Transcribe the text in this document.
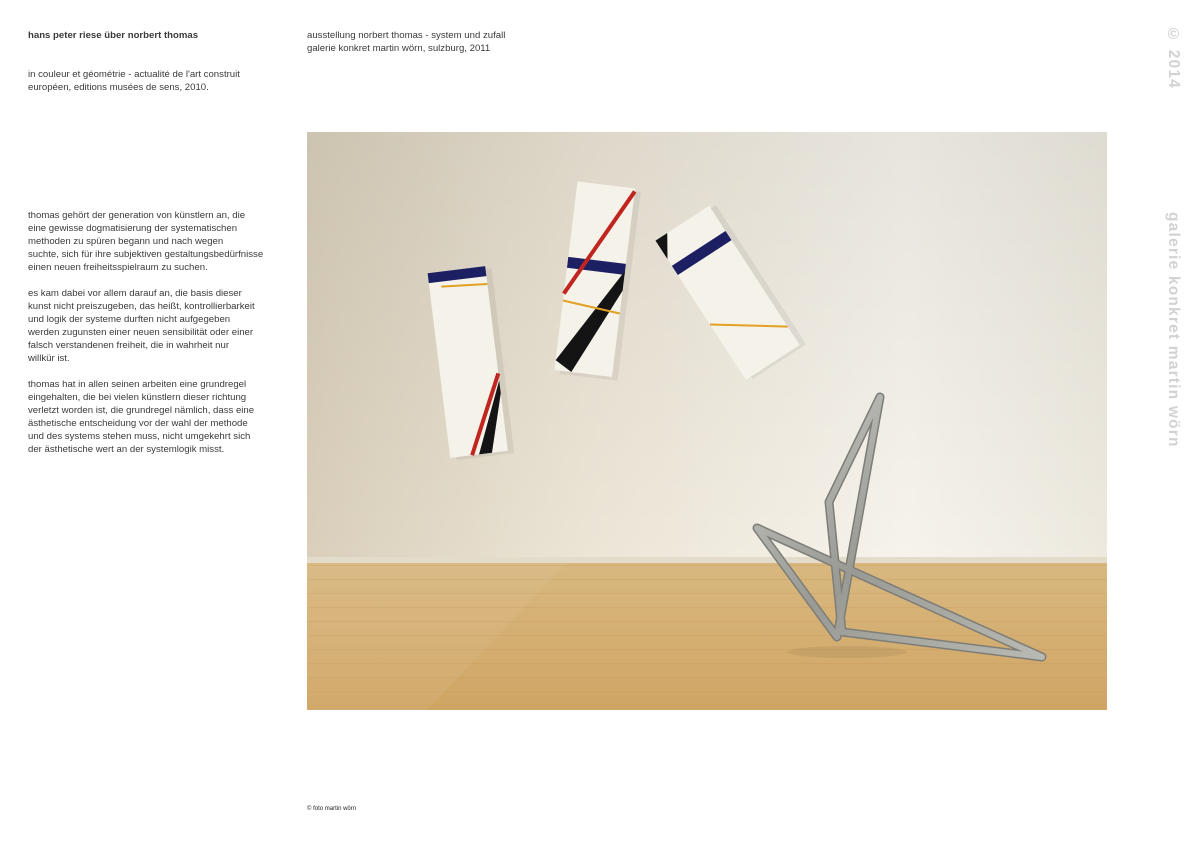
hans peter riese über norbert thomas
in couleur et géométrie - actualité de l'art construit
européen, editions musées de sens, 2010.

thomas gehört der generation von künstlern an, die
eine gewisse dogmatisierung der systematischen
methoden zu spüren begann und nach wegen
suchte, sich für ihre subjektiven gestaltungsbedürfnisse
einen neuen freiheitsspielraum zu suchen.

es kam dabei vor allem darauf an, die basis dieser
kunst nicht preiszugeben, das heißt, kontrollierbarkeit
und logik der systeme durften nicht aufgegeben
werden zugunsten einer neuen sensibilität oder einer
falsch verstandenen freiheit, die in wahrheit nur
willkür ist.

thomas hat in allen seinen arbeiten eine grundregel
eingehalten, die bei vielen künstlern dieser richtung
verletzt worden ist, die grundregel nämlich, dass eine
ästhetische entscheidung vor der wahl der methode
und des systems stehen muss, nicht umgekehrt sich
der ästhetische wert an der systemlogik misst.

ausstellung norbert thomas - system und zufall
galerie konkret martin wörn, sulzburg, 2011
© foto martin wörn
© 2014  galerie konkret martin wörn
